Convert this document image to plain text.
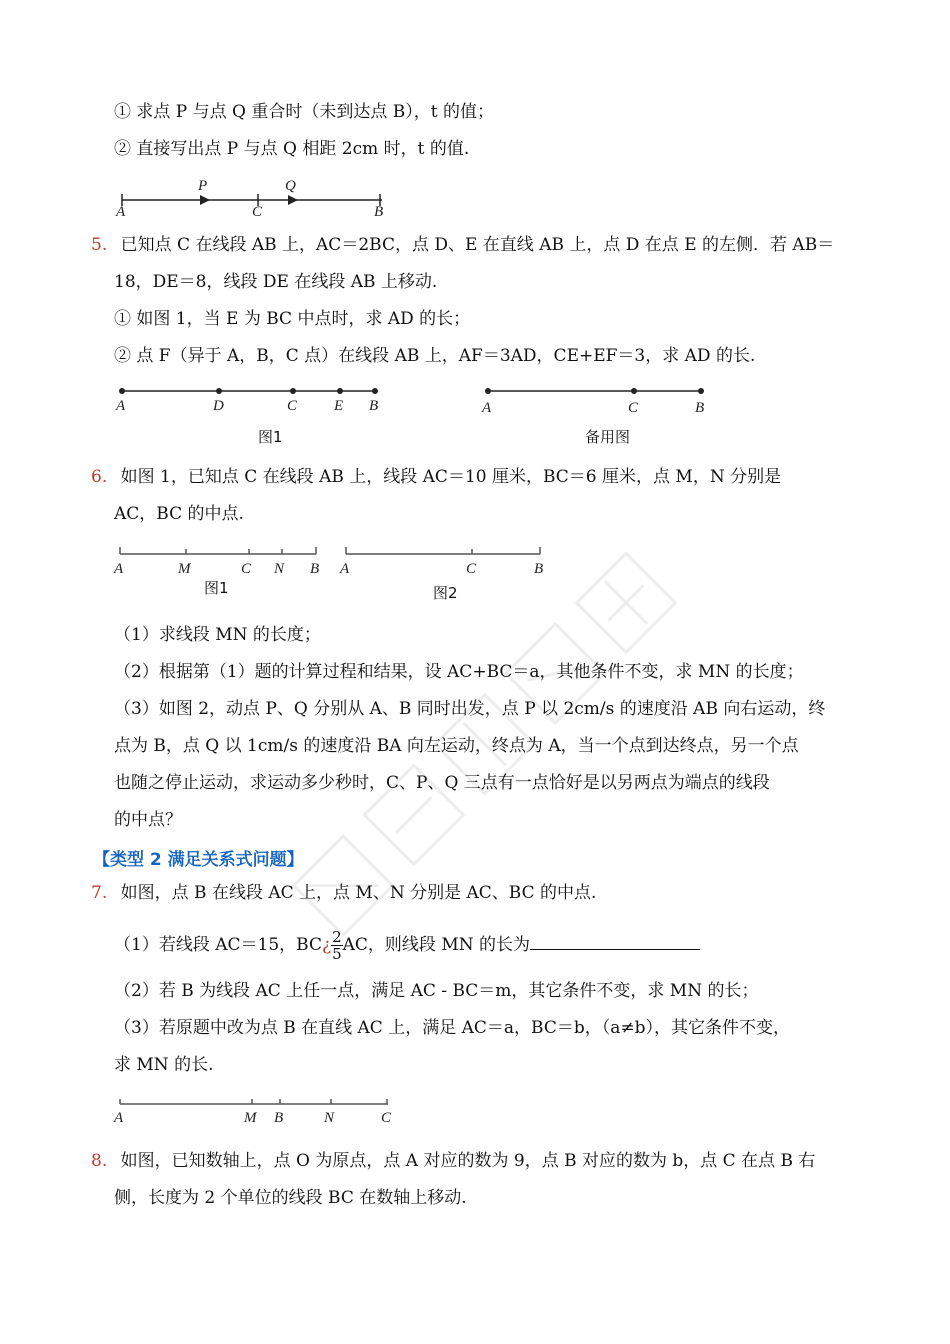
① 求点 P 与点 Q 重合时（未到达点 B），t 的值；
② 直接写出点 P 与点 Q 相距 2cm 时，t 的值.
P	Q
A	C	B
5. 已知点 C 在线段 AB 上，AC＝2BC，点 D、E 在直线 AB 上，点 D 在点 E 的左侧．若 AB＝
18，DE＝8，线段 DE 在线段 AB 上移动.
① 如图 1，当 E 为 BC 中点时，求 AD 的长；
② 点 F（异于 A，B，C 点）在线段 AB 上，AF＝3AD，CE+EF＝3，求 AD 的长.
A	D	C E B
图1
A	C	B
备用图
6. 如图 1，已知点 C 在线段 AB 上，线段 AC＝10 厘米，BC＝6 厘米，点 M，N 分别是
AC，BC 的中点.
A	M	C N B
图1
A	C	B
图2
（1）求线段 MN 的长度；
（2）根据第（1）题的计算过程和结果，设 AC+BC＝a，其他条件不变，求 MN 的长度；
（3）如图 2，动点 P、Q 分别从 A、B 同时出发，点 P 以 2cm/s 的速度沿 AB 向右运动，终
点为 B，点 Q 以 1cm/s 的速度沿 BA 向左运动，终点为 A，当一个点到达终点，另一个点
也随之停止运动，求运动多少秒时，C、P、Q 三点有一点恰好是以另两点为端点的线段
的中点？
【类型 2 满足关系式问题】
7. 如图，点 B 在线段 AC 上，点 M、N 分别是 AC、BC 的中点.
（1）若线段 AC＝15，BC¿ $\frac{2}{5}$ AC，则线段 MN 的长为
（2）若 B 为线段 AC 上任一点，满足 AC - BC＝m，其它条件不变，求 MN 的长；
（3）若原题中改为点 B 在直线 AC 上，满足 AC＝a，BC＝b，（a≠b），其它条件不变，
求 MN 的长.
A	M B	N	C
8. 如图，已知数轴上，点 O 为原点，点 A 对应的数为 9，点 B 对应的数为 b，点 C 在点 B 右
侧，长度为 2 个单位的线段 BC 在数轴上移动.
